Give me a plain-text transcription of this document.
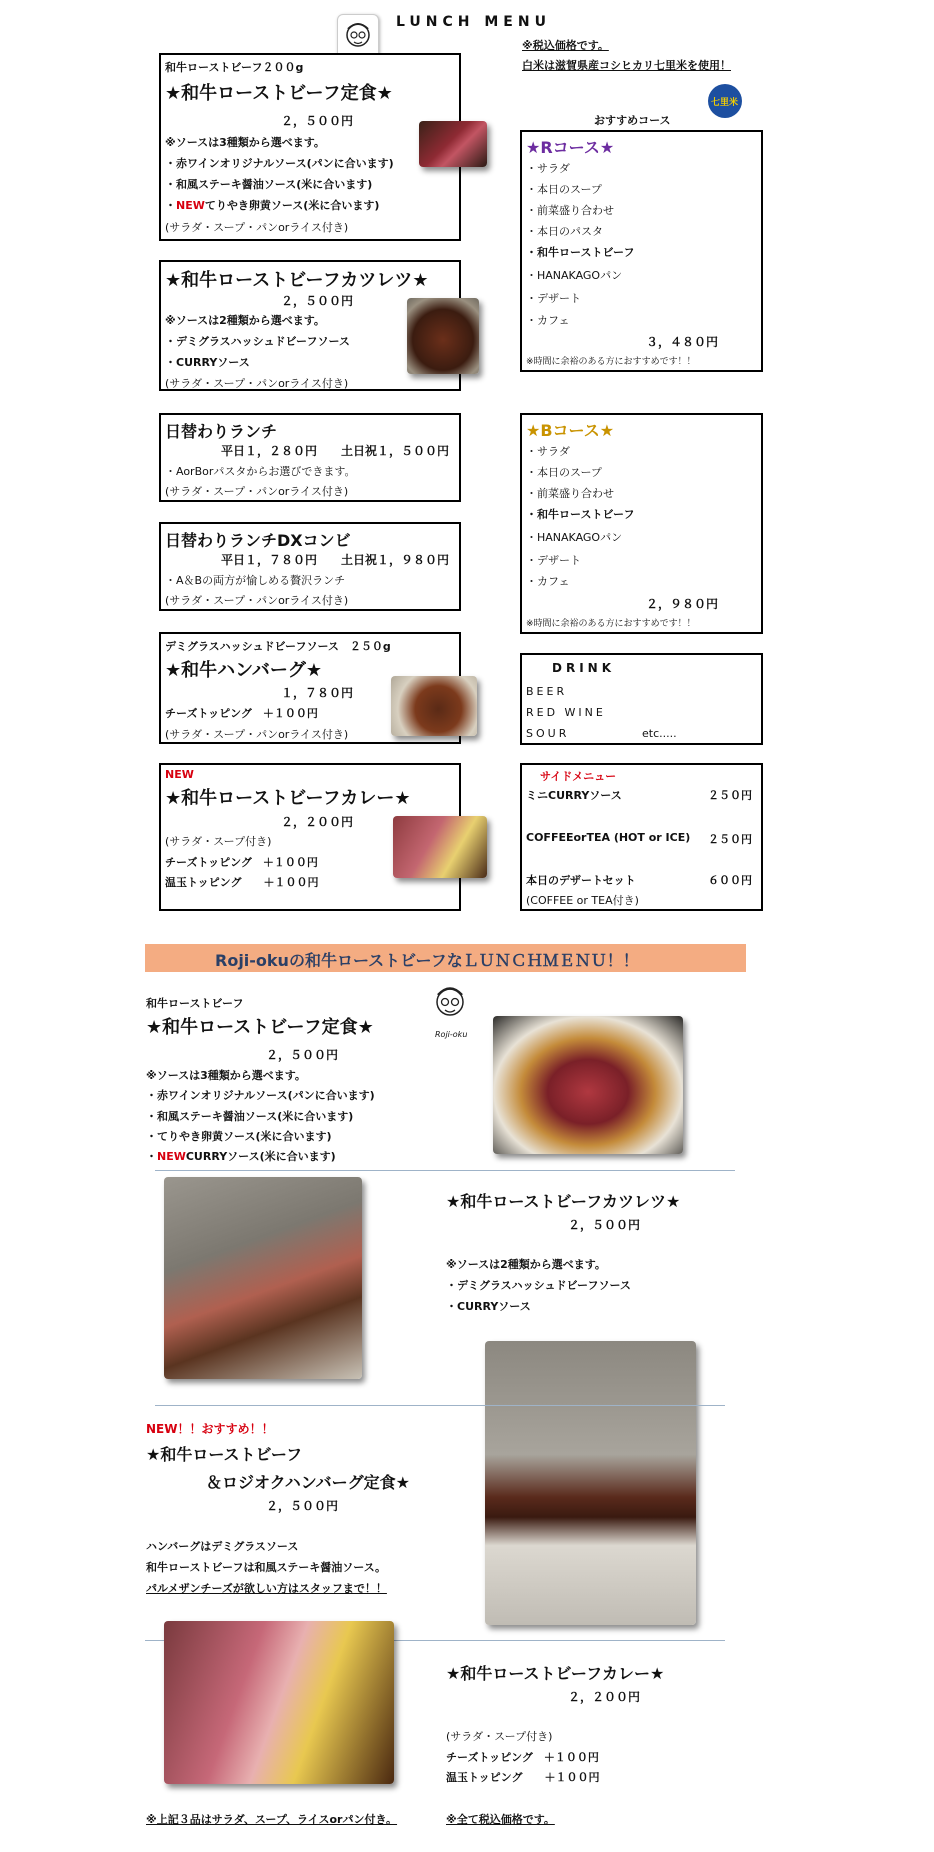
LUNCH MENU
※税込価格です。
白米は滋賀県産コシヒカリ七里米を使用！
七里米
おすすめコース
和牛ローストビーフ２００g
★和牛ローストビーフ定食★
２，５００円
※ソースは3種類から選べます。
・赤ワインオリジナルソース(パンに合います)
・和風ステーキ醤油ソース(米に合います)
・NEWてりやき卵黄ソース(米に合います)
(サラダ・スープ・パンorライス付き)
★和牛ローストビーフカツレツ★
２，５００円
※ソースは2種類から選べます。
・デミグラスハッシュドビーフソース
・CURRYソース
(サラダ・スープ・パンorライス付き)
日替わりランチ
平日１，２８０円　　土日祝１，５００円
・AorBorパスタからお選びできます。
(サラダ・スープ・パンorライス付き)
日替わりランチDXコンビ
平日１，７８０円　　土日祝１，９８０円
・A＆Bの両方が愉しめる贅沢ランチ
(サラダ・スープ・パンorライス付き)
デミグラスハッシュドビーフソース　２５０g
★和牛ハンバーグ★
１，７８０円
チーズトッピング　＋１００円
(サラダ・スープ・パンorライス付き)
NEW
★和牛ローストビーフカレー★
２，２００円
(サラダ・スープ付き)
チーズトッピング　＋１００円
温玉トッピング　　＋１００円
★Rコース★
・サラダ
・本日のスープ
・前菜盛り合わせ
・本日のパスタ
・和牛ローストビーフ
・HANAKAGOパン
・デザート
・カフェ
３，４８０円
※時間に余裕のある方におすすめです！！
★Bコース★
・サラダ
・本日のスープ
・前菜盛り合わせ
・和牛ローストビーフ
・HANAKAGOパン
・デザート
・カフェ
２，９８０円
※時間に余裕のある方におすすめです！！
DRINK
BEER
RED WINE
SOUR	etc.....
サイドメニュー
ミニCURRYソース	２５０円
COFFEEorTEA (HOT or ICE) ２５０円
本日のデザートセット	６００円
(COFFEE or TEA付き)
Roji-okuの和牛ローストビーフなＬＵＮＣＨＭＥＮＵ！！
和牛ローストビーフ
Roji-oku
★和牛ローストビーフ定食★
２，５００円
※ソースは3種類から選べます。
・赤ワインオリジナルソース(パンに合います)
・和風ステーキ醤油ソース(米に合います)
・てりやき卵黄ソース(米に合います)
・NEWCURRYソース(米に合います)
★和牛ローストビーフカツレツ★
２，５００円
※ソースは2種類から選べます。
・デミグラスハッシュドビーフソース
・CURRYソース
NEW！！おすすめ！！
★和牛ローストビーフ
＆ロジオクハンバーグ定食★
２，５００円
ハンバーグはデミグラスソース
和牛ローストビーフは和風ステーキ醤油ソース。
パルメザンチーズが欲しい方はスタッフまで！！
★和牛ローストビーフカレー★
２，２００円
(サラダ・スープ付き)
チーズトッピング　＋１００円
温玉トッピング　　＋１００円
※上記３品はサラダ、スープ、ライスorパン付き。	※全て税込価格です。
